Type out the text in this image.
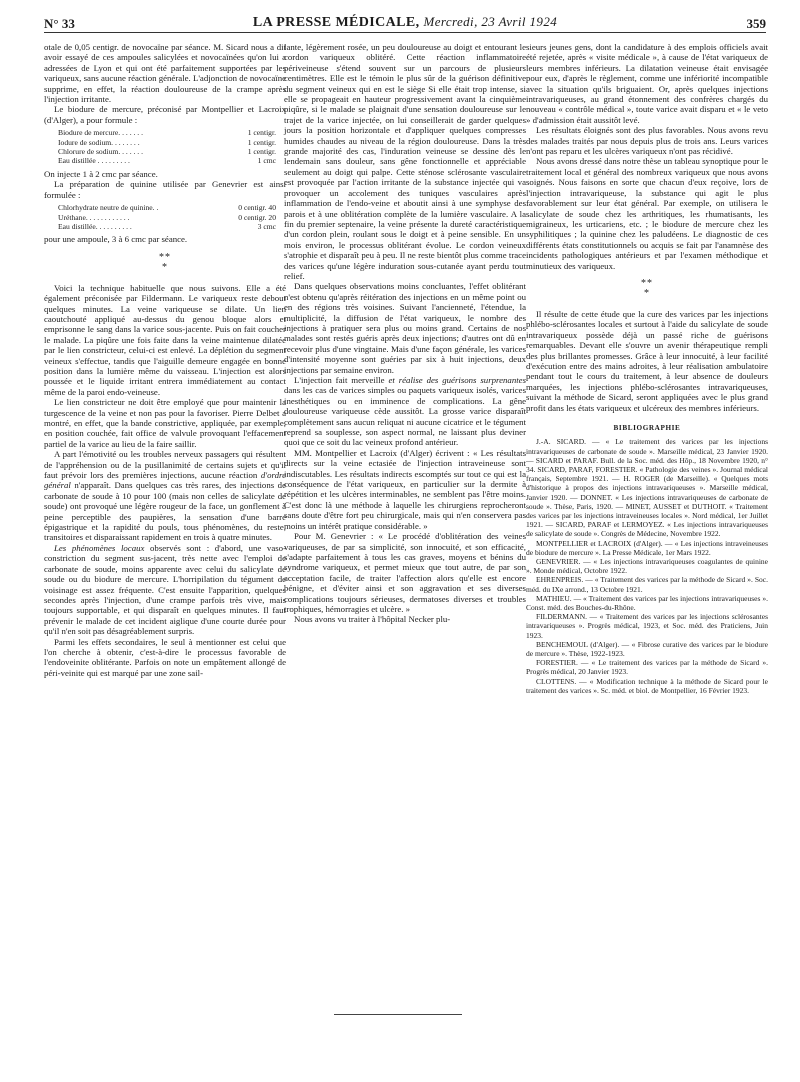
N° 33	LA PRESSE MÉDICALE, Mercredi, 23 Avril 1924	359

otale de 0,05 centigr. de novocaïne par séance. M. Sicard nous a dit avoir essayé de ces ampoules salicylées et novocaïnées qu'on lui a adressées de Lyon et qui ont été parfaitement supportées par les variqueux, sans aucune réaction générale. L'adjonction de novocaïne supprime, en effet, la réaction douloureuse de la crampe après l'injection irritante.

Le biodure de mercure, préconisé par Montpellier et Lacroix (d'Alger), a pour formule :

Biodure de mercure. . . . . . .	1 centigr.
Iodure de sodium. . . . . . . .	1 centigr.
Chlorure de sodium. . . . . . .	1 centigr.
Eau distillée . . . . . . . . .	1 cmc

On injecte 1 à 2 cmc par séance.

La préparation de quinine utilisée par Genevrier est ainsi formulée :

Chlorhydrate neutre de quinine. .	0 centigr. 40
Uréthane. . . . . . . . . . . .	0 centigr. 20
Eau distillée. . . . . . . . . .	3 cmc

pour une ampoule, 3 à 6 cmc par séance.

**
*

Voici la technique habituelle que nous suivons. Elle a été également préconisée par Fildermann. Le variqueux reste debout quelques minutes. La veine variqueuse se dilate. Un lien caoutchouté appliqué au-dessus du genou bloque alors et emprisonne le sang dans la varice sous-jacente. Puis on fait coucher le malade. La piqûre une fois faite dans la veine maintenue dilatée par le lien constricteur, celui-ci est enlevé. La déplétion du segment veineux s'effectue, tandis que l'aiguille demeure engagée en bonne position dans la lumière même du vaisseau. L'injection est alors poussée et le liquide irritant entrera immédiatement au contact même de la paroi endo-veineuse.

Le lien constricteur ne doit être employé que pour maintenir la turgescence de la veine et non pas pour la favoriser. Pierre Delbet a montré, en effet, que la bande constrictive, appliquée, par exemple, en position couchée, fait office de valvule provoquant l'effacement partiel de la varice au lieu de la faire saillir.

A part l'émotivité ou les troubles nerveux passagers qui résultent de l'appréhension ou de la pusillanimité de certains sujets et qu'il faut prévoir lors des premières injections, aucune réaction d'ordre général n'apparaît. Dans quelques cas très rares, des injections de carbonate de soude à 10 pour 100 (mais non celles de salicylate de soude) ont provoqué une légère rougeur de la face, un gonflement à peine perceptible des paupières, la sensation d'une barre épigastrique et la rapidité du pouls, tous phénomènes, du reste, transitoires et disparaissant rapidement en trois à quatre minutes.

Les phénomènes locaux observés sont : d'abord, une vaso-constriction du segment sus-jacent, très nette avec l'emploi de carbonate de soude, moins apparente avec celui du salicylate de soude ou du biodure de mercure. L'horripilation du tégument de voisinage est assez fréquente. C'est ensuite l'apparition, quelques secondes après l'injection, d'une crampe parfois très vive, mais toujours supportable, et qui disparaît en quelques minutes. Il faut prévenir le malade de cet incident aiglique d'une courte durée pour qu'il n'en soit pas désagréablement surpris.

Parmi les effets secondaires, le seul à mentionner est celui que l'on cherche à obtenir, c'est-à-dire le processus favorable de l'endoveinite oblitérante. Parfois on note un empâtement allongé de péri-veinite qui est marqué par une zone sail-

lante, légèrement rosée, un peu douloureuse au doigt et entourant le cordon variqueux oblitéré. Cette réaction inflammatoire périveineuse s'étend souvent sur un parcours de plusieurs centimètres. Elle est le témoin le plus sûr de la guérison définitive du segment veineux qui en est le siège Si elle était trop intense, si elle se propageait en hauteur progressivement avant la cinquième piqûre, si le malade se plaignait d'une sensation douloureuse sur le trajet de la varice injectée, on lui conseillerait de garder quelques jours la position horizontale et d'appliquer quelques compresses humides chaudes au niveau de la région douloureuse. Dans la très grande majorité des cas, l'induration veineuse se dessine dès le lendemain sans douleur, sans gêne fonctionnelle et appréciable seulement au doigt qui palpe. Cette sténose sclérosante vasculaire est provoquée par l'action irritante de la substance injectée qui va provoquer un accolement des tuniques vasculaires après inflammation de l'endo-veine et aboutit ainsi à une symphyse des parois et à une oblitération complète de la lumière vasculaire. A la fin du premier septenaire, la veine présente la dureté caractéristique d'un cordon plein, roulant sous le doigt et à peine sensible. En un mois environ, le processus oblitérant évolue. Le cordon veineux s'atrophie et disparaît peu à peu. Il ne reste bientôt plus comme trace des varices qu'une légère induration sous-cutanée ayant perdu tout relief.

Dans quelques observations moins concluantes, l'effet oblitérant n'est obtenu qu'après réitération des injections en un même point ou en des régions très voisines. Suivant l'ancienneté, l'étendue, la multiplicité, la diffusion de l'état variqueux, le nombre des injections à pratiquer sera plus ou moins grand. Certains de nos malades sont restés guéris après deux injections; d'autres ont dû en recevoir plus d'une vingtaine. Mais d'une façon générale, les varices d'intensité moyenne sont guéries par six à huit injections, deux injections par semaine environ.

L'injection fait merveille et réalise des guérisons surprenantes dans les cas de varices simples ou paquets variqueux isolés, varices inesthétiques ou en imminence de complications. La gêne douloureuse variqueuse cède aussitôt. La grosse varice disparaît complètement sans aucun reliquat ni aucune cicatrice et le tégument reprend sa souplesse, son aspect normal, ne laissant plus deviner quoi que ce soit du lac veineux profond antérieur.

MM. Montpellier et Lacroix (d'Alger) écrivent : « Les résultats directs sur la veine ectasiée de l'injection intraveineuse sont indiscutables. Les résultats indirects escomptés sur tout ce qui est la conséquence de l'état variqueux, en particulier sur la dermite à répétition et les ulcères interminables, ne semblent pas l'être moins. C'est donc là une méthode à laquelle les chirurgiens reprocheront sans doute d'être fort peu chirurgicale, mais qui n'en conservera pas moins un intérêt pratique considérable. »

Pour M. Genevrier : « Le procédé d'oblitération des veines variqueuses, de par sa simplicité, son innocuité, et son efficacité, s'adapte parfaitement à tous les cas graves, moyens et bénins du syndrome variqueux, et permet mieux que tout autre, de par son acceptation facile, de traiter l'affection alors qu'elle est encore bénigne, et d'éviter ainsi et son aggravation et ses diverses complications toujours sérieuses, dermatoses diverses et troubles trophiques, hémorragies et ulcère. »

Nous avons vu traiter à l'hôpital Necker plu-

sieurs jeunes gens, dont la candidature à des emplois officiels avait été rejetée, après « visite médicale », à cause de l'état variqueux de leurs membres inférieurs. La dilatation veineuse était envisagée pour eux, d'après le règlement, comme une infériorité incompatible avec la situation qu'ils briguaient. Or, après quelques injections intravariqueuses, au grand étonnement des confrères chargés du nouveau « contrôle médical », toute varice avait disparu et « le veto » d'admission était aussitôt levé.

Les résultats éloignés sont des plus favorables. Nous avons revu des malades traités par nous depuis plus de trois ans. Leurs varices n'ont pas reparu et les ulcères variqueux n'ont pas récidivé.

Nous avons dressé dans notre thèse un tableau synoptique pour le traitement local et général des nombreux variqueux que nous avons soignés. Nous faisons en sorte que chacun d'eux reçoive, lors de l'injection intravariqueuse, la substance qui agit le plus favorablement sur leur état général. Par exemple, on utilisera le salicylate de soude chez les arthritiques, les rhumatisants, les migraineux, les urticariens, etc. ; le biodure de mercure chez les syphilitiques ; la quinine chez les paludéens. Le diagnostic de ces différents états constitutionnels ou acquis se fait par l'anamnèse des incidents pathologiques antérieurs et par l'examen méthodique et minutieux des variqueux.

**
*

Il résulte de cette étude que la cure des varices par les injections phlébo-sclérosantes locales et surtout à l'aide du salicylate de soude intravariqueux possède déjà un passé riche de guérisons remarquables. Devant elle s'ouvre un avenir thérapeutique rempli des plus brillantes promesses. Grâce à leur innocuité, à leur facilité d'exécution entre des mains adroites, à leur réalisation ambulatoire pendant tout le cours du traitement, à leur absence de douleurs marquées, les injections phlébo-sclérosantes intravariqueuses, suivant la méthode de Sicard, seront appliquées avec le plus grand profit dans les états variqueux et ulcéreux des membres inférieurs.

BIBLIOGRAPHIE

J.-A. SICARD. — « Le traitement des varices par les injections intravariqueuses de carbonate de soude ». Marseille médical, 23 Janvier 1920. — SICARD et PARAF. Bull. de la Soc. méd. des Hôp., 18 Novembre 1920, n° 34. SICARD, PARAF, FORESTIER. « Pathologie des veines ». Journal médical français, Septembre 1921. — H. ROGER (de Marseille). « Quelques mots d'historique à propos des injections intravariqueuses ». Marseille médical, Janvier 1920. — DONNET. « Les injections intravariqueuses de carbonate de soude ». Thèse, Paris, 1920. — MINET, AUSSET et DUTHOIT. « Traitement des varices par les injections intraveineuses locales ». Nord médical, 1er Juillet 1921. — SICARD, PARAF et LERMOYEZ. « Les injections intravariqueuses de salicylate de soude ». Congrès de Médecine, Novembre 1922.

MONTPELLIER et LACROIX (d'Alger). — « Les injections intraveineuses de biodure de mercure ». La Presse Médicale, 1er Mars 1922.

GENEVRIER. — « Les injections intravariqueuses coagulantes de quinine ». Monde médical, Octobre 1922.

EHRENPREIS. — « Traitement des varices par la méthode de Sicard ». Soc. méd. du IXe arrond., 13 Octobre 1921.

MATHIEU. — « Traitement des varices par les injections intravariqueuses ». Const. méd. des Bouches-du-Rhône.

FILDERMANN. — « Traitement des varices par les injections sclérosantes intravariqueuses ». Progrès médical, 1923, et Soc. méd. des Praticiens, Juin 1923.

BENCHEMOUL (d'Alger). — « Fibrose curative des varices par le biodure de mercure ». Thèse, 1922-1923.

FORESTIER. — « Le traitement des varices par la méthode de Sicard ». Progrès médical, 20 Janvier 1923.

CLOTTENS. — « Modification technique à la méthode de Sicard pour le traitement des varices ». Sc. méd. et biol. de Montpellier, 16 Février 1923.
